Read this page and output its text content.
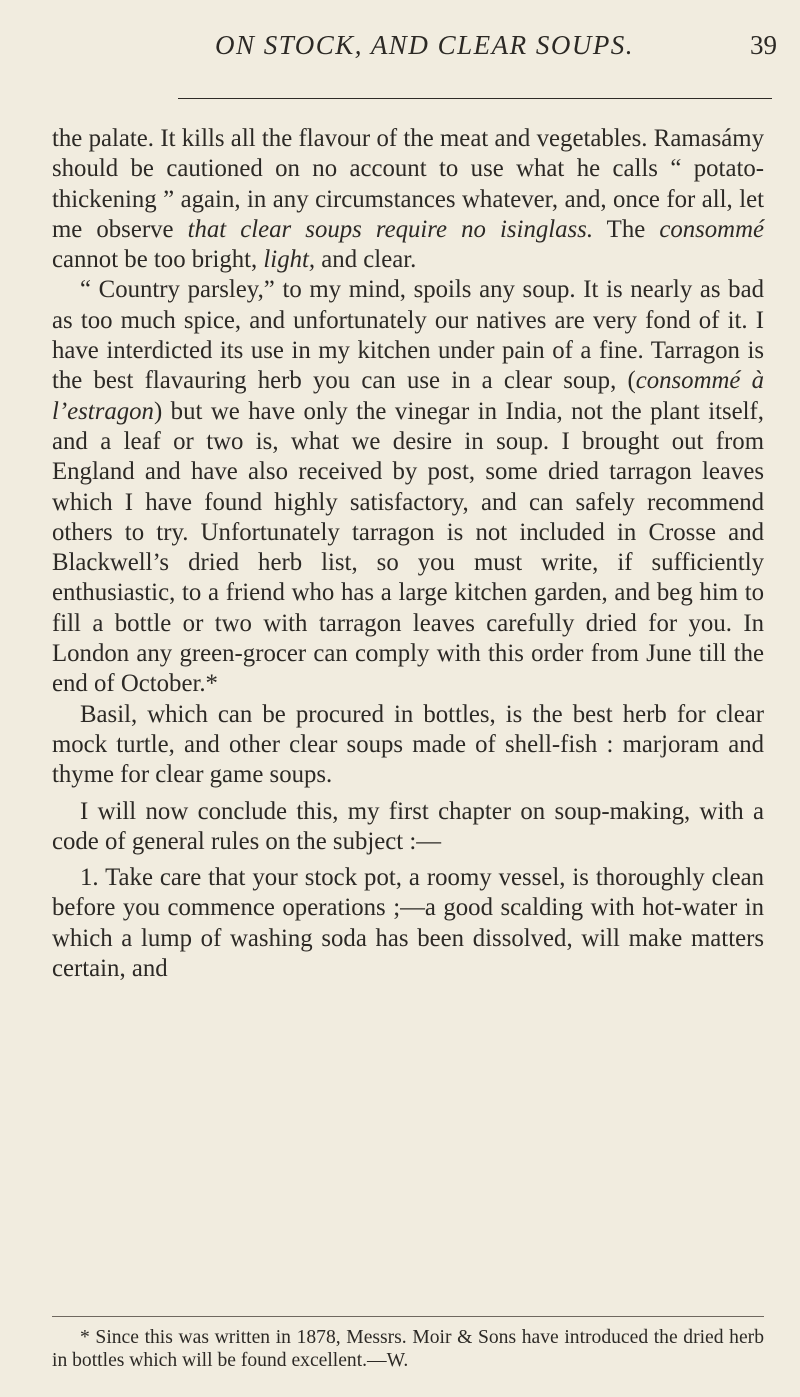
ON STOCK, AND CLEAR SOUPS.	39

the palate. It kills all the flavour of the meat and vegetables. Ramasámy should be cautioned on no account to use what he calls “ potato-thickening ” again, in any circumstances whatever, and, once for all, let me observe that clear soups require no isinglass. The consommé cannot be too bright, light, and clear.

“ Country parsley,” to my mind, spoils any soup. It is nearly as bad as too much spice, and unfortunately our natives are very fond of it. I have interdicted its use in my kitchen under pain of a fine. Tarragon is the best flavauring herb you can use in a clear soup, (consommé à l’estragon) but we have only the vinegar in India, not the plant itself, and a leaf or two is, what we desire in soup. I brought out from England and have also received by post, some dried tarragon leaves which I have found highly satisfactory, and can safely recommend others to try. Unfortunately tarragon is not included in Crosse and Blackwell’s dried herb list, so you must write, if sufficiently enthusiastic, to a friend who has a large kitchen garden, and beg him to fill a bottle or two with tarragon leaves carefully dried for you. In London any green-grocer can comply with this order from June till the end of October.*

Basil, which can be procured in bottles, is the best herb for clear mock turtle, and other clear soups made of shell-fish : marjoram and thyme for clear game soups.

I will now conclude this, my first chapter on soup-making, with a code of general rules on the subject :—

1. Take care that your stock pot, a roomy vessel, is thoroughly clean before you commence operations ;—a good scalding with hot-water in which a lump of washing soda has been dissolved, will make matters certain, and

* Since this was written in 1878, Messrs. Moir & Sons have introduced the dried herb in bottles which will be found excellent.—W.
